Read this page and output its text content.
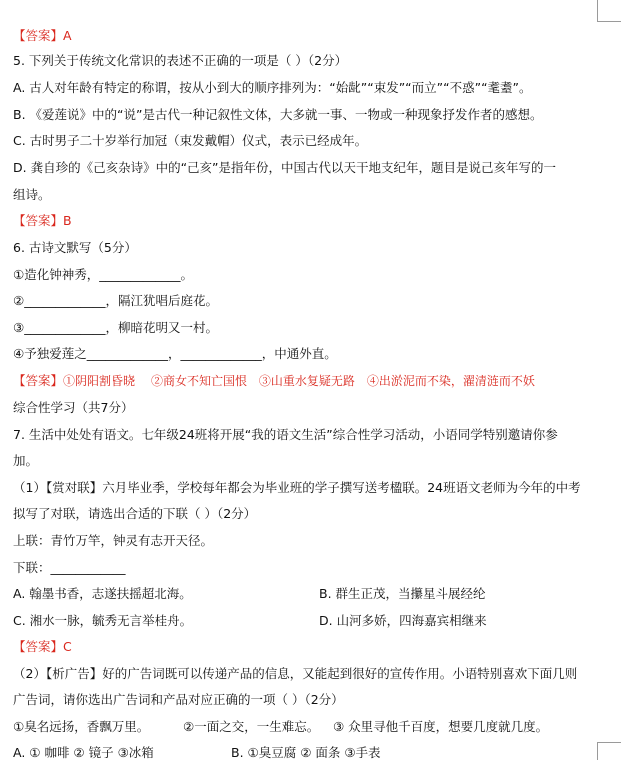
【答案】A
5. 下列关于传统文化常识的表述不正确的一项是（ ）（2分）
A. 古人对年龄有特定的称谓，按从小到大的顺序排列为：“始龀”“束发”“而立”“不惑”“耄耋”。
B. 《爱莲说》中的“说”是古代一种记叙性文体，大多就一事、一物或一种现象抒发作者的感想。
C. 古时男子二十岁举行加冠（束发戴帽）仪式，表示已经成年。
D. 龚自珍的《己亥杂诗》中的“己亥”是指年份，中国古代以天干地支纪年，题目是说己亥年写的一
组诗。
【答案】B
6. 古诗文默写（5分）
①造化钟神秀，_____________。
②_____________，隔江犹唱后庭花。
③_____________，柳暗花明又一村。
④予独爱莲之_____________，_____________，中通外直。
【答案】①阴阳割昏晓 ②商女不知亡国恨 ③山重水复疑无路 ④出淤泥而不染，濯清涟而不妖
综合性学习（共7分）
7. 生活中处处有语文。七年级24班将开展“我的语文生活”综合性学习活动，小语同学特别邀请你参
加。
（1）【赏对联】六月毕业季，学校每年都会为毕业班的学子撰写送考楹联。24班语文老师为今年的中考
拟写了对联，请选出合适的下联（ ）（2分）
上联：青竹万竿，钟灵有志开天径。
下联：____________
A. 翰墨书香，志遂扶摇超北海。	B. 群生正茂，当攥星斗展经纶
C. 湘水一脉，毓秀无言举桂舟。	D. 山河多娇，四海嘉宾相继来
【答案】C
（2）【析广告】好的广告词既可以传递产品的信息，又能起到很好的宣传作用。小语特别喜欢下面几则
广告词，请你选出广告词和产品对应正确的一项（ ）（2分）
①臭名远扬，香飘万里。	②一面之交，一生难忘。 ③ 众里寻他千百度，想要几度就几度。
A. ① 咖啡 ② 镜子 ③冰箱	B. ①臭豆腐 ② 面条 ③手表
